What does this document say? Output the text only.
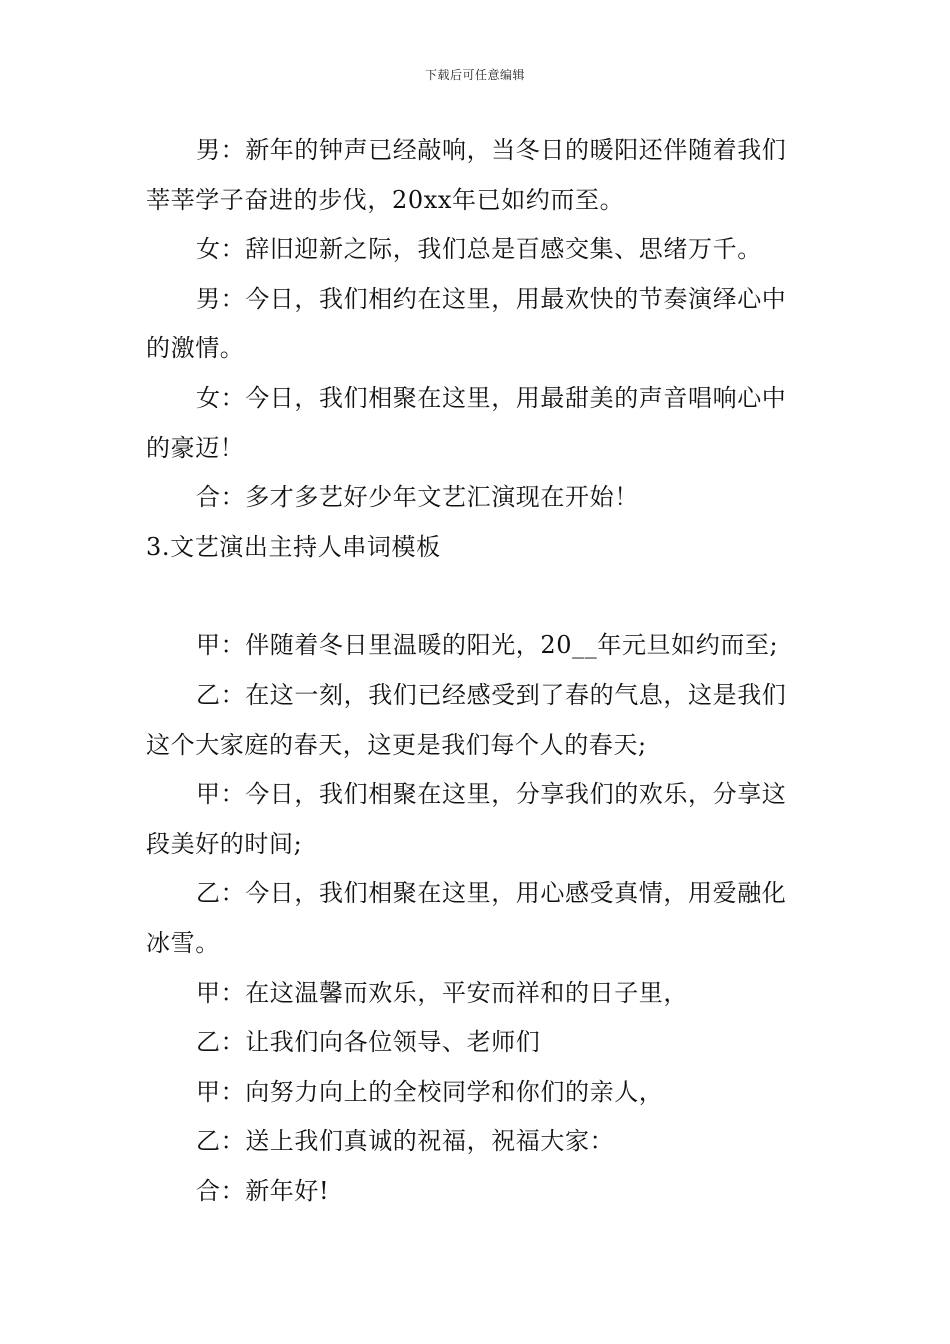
下载后可任意编辑

男：新年的钟声已经敲响，当冬日的暖阳还伴随着我们莘莘学子奋进的步伐，20xx年已如约而至。

女：辞旧迎新之际，我们总是百感交集、思绪万千。

男：今日，我们相约在这里，用最欢快的节奏演绎心中的激情。

女：今日，我们相聚在这里，用最甜美的声音唱响心中的豪迈！

合：多才多艺好少年文艺汇演现在开始！

3.文艺演出主持人串词模板

甲：伴随着冬日里温暖的阳光，20__年元旦如约而至;

乙：在这一刻，我们已经感受到了春的气息，这是我们这个大家庭的春天，这更是我们每个人的春天;

甲：今日，我们相聚在这里，分享我们的欢乐，分享这段美好的时间;

乙：今日，我们相聚在这里，用心感受真情，用爱融化冰雪。

甲：在这温馨而欢乐，平安而祥和的日子里，

乙：让我们向各位领导、老师们

甲：向努力向上的全校同学和你们的亲人，

乙：送上我们真诚的祝福，祝福大家：

合：新年好!
